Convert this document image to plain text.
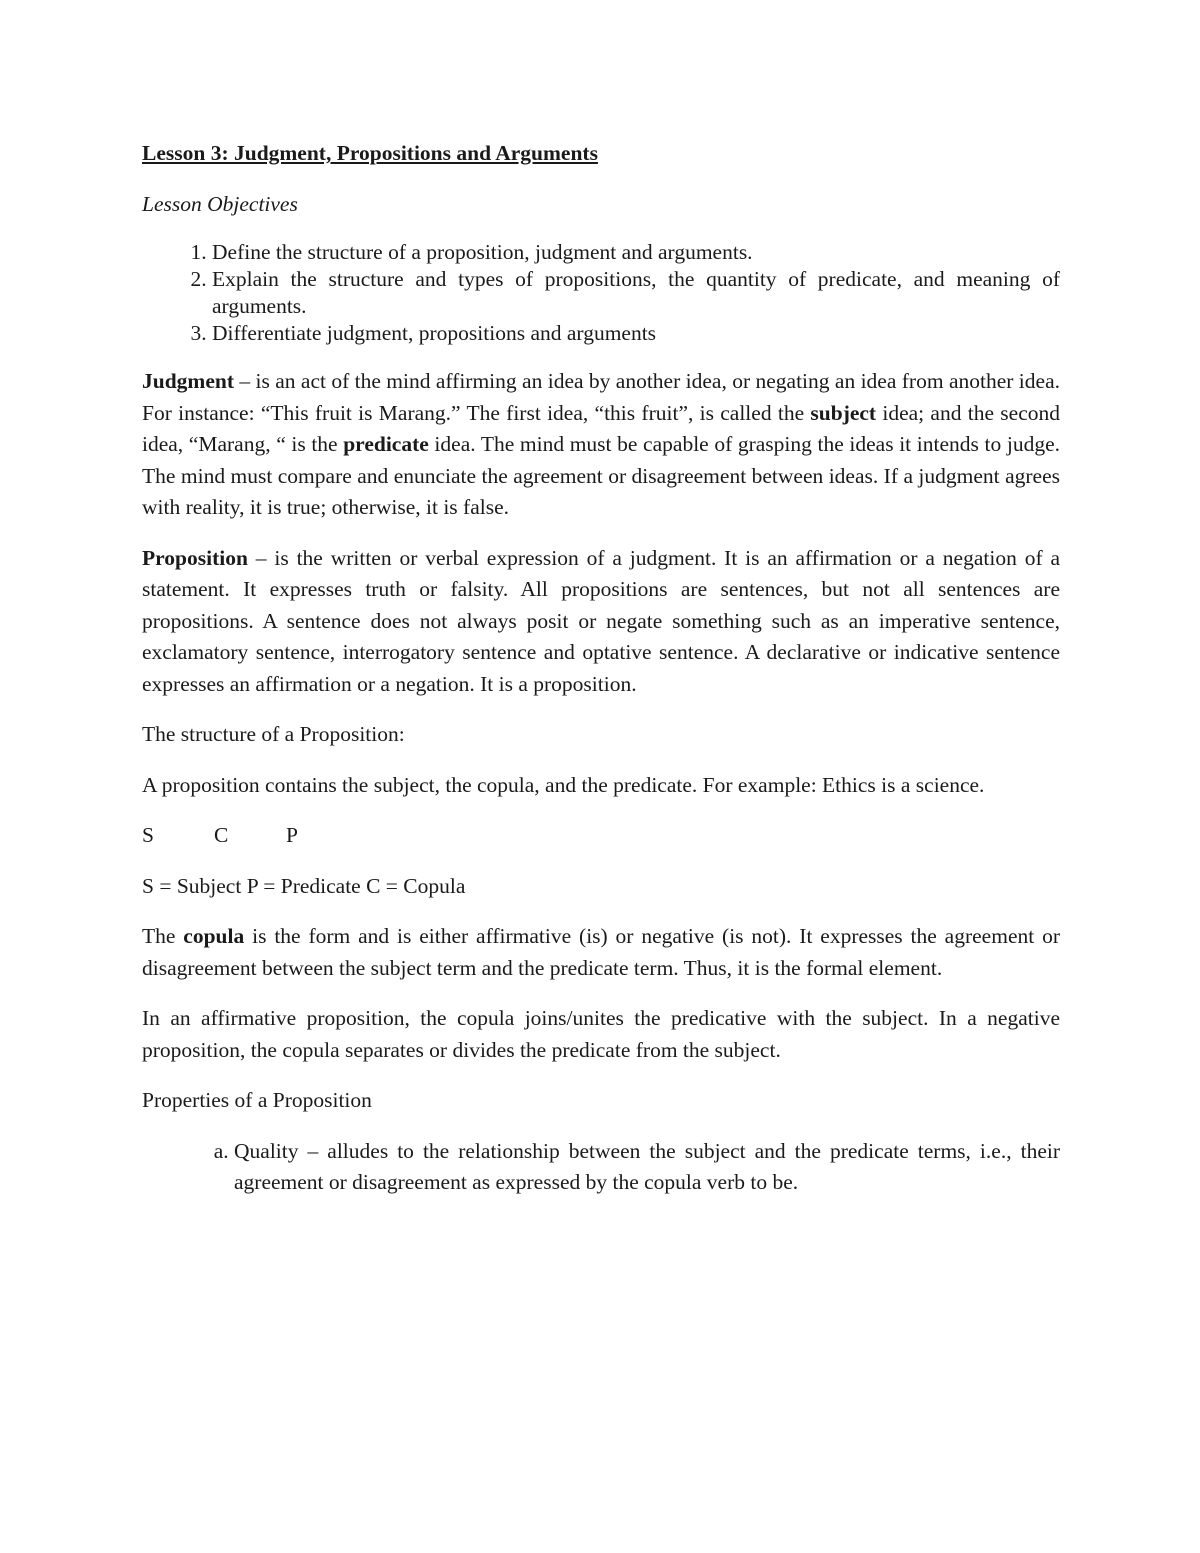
Lesson 3: Judgment, Propositions and Arguments
Lesson Objectives
1. Define the structure of a proposition, judgment and arguments.
2. Explain the structure and types of propositions, the quantity of predicate, and meaning of arguments.
3. Differentiate judgment, propositions and arguments

Judgment – is an act of the mind affirming an idea by another idea, or negating an idea from another idea. For instance: “This fruit is Marang.” The first idea, “this fruit”, is called the subject idea; and the second idea, “Marang, “ is the predicate idea. The mind must be capable of grasping the ideas it intends to judge. The mind must compare and enunciate the agreement or disagreement between ideas. If a judgment agrees with reality, it is true; otherwise, it is false.

Proposition – is the written or verbal expression of a judgment. It is an affirmation or a negation of a statement. It expresses truth or falsity. All propositions are sentences, but not all sentences are propositions. A sentence does not always posit or negate something such as an imperative sentence, exclamatory sentence, interrogatory sentence and optative sentence. A declarative or indicative sentence expresses an affirmation or a negation. It is a proposition.

The structure of a Proposition:

A proposition contains the subject, the copula, and the predicate. For example: Ethics is a science.

S	C	P

S = Subject P = Predicate C = Copula

The copula is the form and is either affirmative (is) or negative (is not). It expresses the agreement or disagreement between the subject term and the predicate term. Thus, it is the formal element.

In an affirmative proposition, the copula joins/unites the predicative with the subject. In a negative proposition, the copula separates or divides the predicate from the subject.

Properties of a Proposition

a. Quality – alludes to the relationship between the subject and the predicate terms, i.e., their agreement or disagreement as expressed by the copula verb to be.
